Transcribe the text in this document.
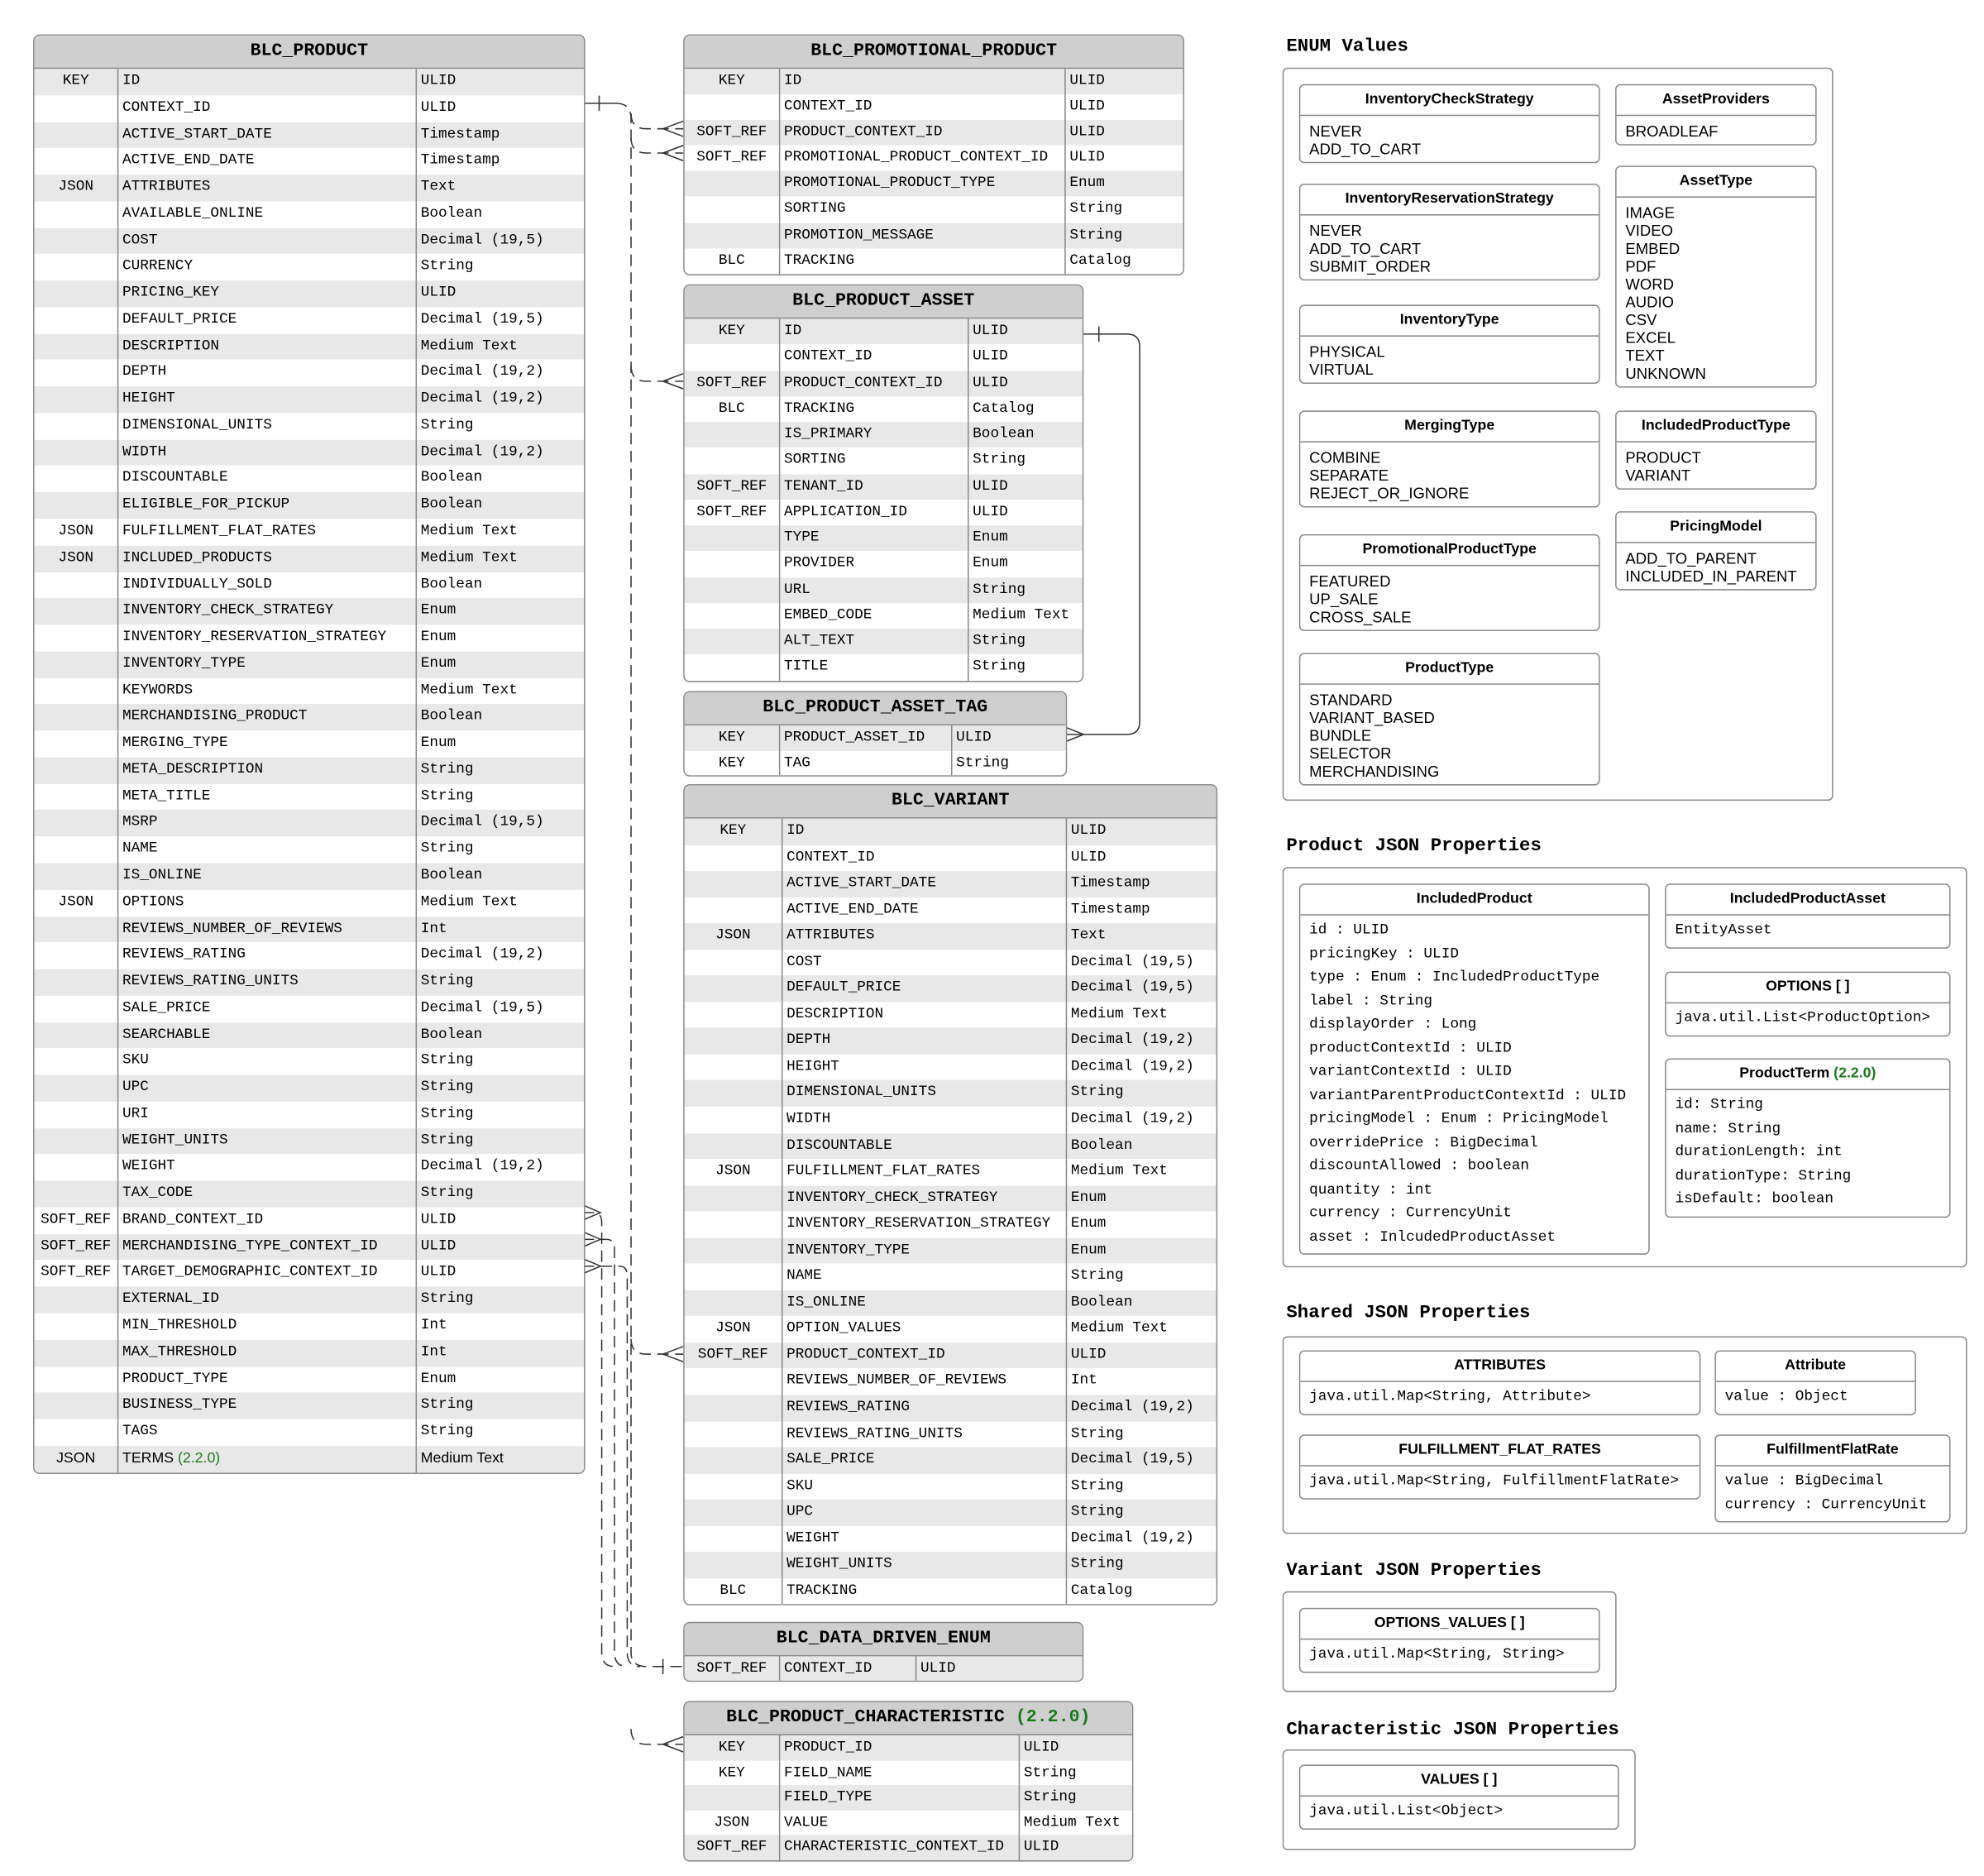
BLC_PRODUCT
KEY	ID	ULID
CONTEXT_ID	ULID
ACTIVE_START_DATE	Timestamp
ACTIVE_END_DATE	Timestamp
JSON	ATTRIBUTES	Text
AVAILABLE_ONLINE	Boolean
COST	Decimal (19,5)
CURRENCY	String
PRICING_KEY	ULID
DEFAULT_PRICE	Decimal (19,5)
DESCRIPTION	Medium Text
DEPTH	Decimal (19,2)
HEIGHT	Decimal (19,2)
DIMENSIONAL_UNITS	String
WIDTH	Decimal (19,2)
DISCOUNTABLE	Boolean
ELIGIBLE_FOR_PICKUP	Boolean
JSON	FULFILLMENT_FLAT_RATES	Medium Text
JSON	INCLUDED_PRODUCTS	Medium Text
INDIVIDUALLY_SOLD	Boolean
INVENTORY_CHECK_STRATEGY	Enum
INVENTORY_RESERVATION_STRATEGY	Enum
INVENTORY_TYPE	Enum
KEYWORDS	Medium Text
MERCHANDISING_PRODUCT	Boolean
MERGING_TYPE	Enum
META_DESCRIPTION	String
META_TITLE	String
MSRP	Decimal (19,5)
NAME	String
IS_ONLINE	Boolean
JSON	OPTIONS	Medium Text
REVIEWS_NUMBER_OF_REVIEWS	Int
REVIEWS_RATING	Decimal (19,2)
REVIEWS_RATING_UNITS	String
SALE_PRICE	Decimal (19,5)
SEARCHABLE	Boolean
SKU	String
UPC	String
URI	String
WEIGHT_UNITS	String
WEIGHT	Decimal (19,2)
TAX_CODE	String
SOFT_REF	BRAND_CONTEXT_ID	ULID
SOFT_REF	MERCHANDISING_TYPE_CONTEXT_ID	ULID
SOFT_REF	TARGET_DEMOGRAPHIC_CONTEXT_ID	ULID
EXTERNAL_ID	String
MIN_THRESHOLD	Int
MAX_THRESHOLD	Int
PRODUCT_TYPE	Enum
BUSINESS_TYPE	String
TAGS	String
JSON	TERMS (2.2.0)	Medium Text
BLC_PROMOTIONAL_PRODUCT
KEY	ID	ULID
CONTEXT_ID	ULID
SOFT_REF	PRODUCT_CONTEXT_ID	ULID
SOFT_REF	PROMOTIONAL_PRODUCT_CONTEXT_ID	ULID
PROMOTIONAL_PRODUCT_TYPE	Enum
SORTING	String
PROMOTION_MESSAGE	String
BLC	TRACKING	Catalog
BLC_PRODUCT_ASSET
KEY	ID	ULID
CONTEXT_ID	ULID
SOFT_REF	PRODUCT_CONTEXT_ID	ULID
BLC	TRACKING	Catalog
IS_PRIMARY	Boolean
SORTING	String
SOFT_REF	TENANT_ID	ULID
SOFT_REF	APPLICATION_ID	ULID
TYPE	Enum
PROVIDER	Enum
URL	String
EMBED_CODE	Medium Text
ALT_TEXT	String
TITLE	String
BLC_PRODUCT_ASSET_TAG
KEY	PRODUCT_ASSET_ID	ULID
KEY	TAG	String
BLC_VARIANT
KEY	ID	ULID
CONTEXT_ID	ULID
ACTIVE_START_DATE	Timestamp
ACTIVE_END_DATE	Timestamp
JSON	ATTRIBUTES	Text
COST	Decimal (19,5)
DEFAULT_PRICE	Decimal (19,5)
DESCRIPTION	Medium Text
DEPTH	Decimal (19,2)
HEIGHT	Decimal (19,2)
DIMENSIONAL_UNITS	String
WIDTH	Decimal (19,2)
DISCOUNTABLE	Boolean
JSON	FULFILLMENT_FLAT_RATES	Medium Text
INVENTORY_CHECK_STRATEGY	Enum
INVENTORY_RESERVATION_STRATEGY	Enum
INVENTORY_TYPE	Enum
NAME	String
IS_ONLINE	Boolean
JSON	OPTION_VALUES	Medium Text
SOFT_REF	PRODUCT_CONTEXT_ID	ULID
REVIEWS_NUMBER_OF_REVIEWS	Int
REVIEWS_RATING	Decimal (19,2)
REVIEWS_RATING_UNITS	String
SALE_PRICE	Decimal (19,5)
SKU	String
UPC	String
WEIGHT	Decimal (19,2)
WEIGHT_UNITS	String
BLC	TRACKING	Catalog
BLC_DATA_DRIVEN_ENUM
SOFT_REF	CONTEXT_ID	ULID
BLC_PRODUCT_CHARACTERISTIC (2.2.0)
KEY	PRODUCT_ID	ULID
KEY	FIELD_NAME	String
FIELD_TYPE	String
JSON	VALUE	Medium Text
SOFT_REF	CHARACTERISTIC_CONTEXT_ID	ULID
ENUM Values
InventoryCheckStrategy
NEVER
ADD_TO_CART
AssetProviders
BROADLEAF
InventoryReservationStrategy
NEVER
ADD_TO_CART
SUBMIT_ORDER
AssetType
IMAGE
VIDEO
EMBED
PDF
WORD
AUDIO
CSV
EXCEL
TEXT
UNKNOWN
InventoryType
PHYSICAL
VIRTUAL
MergingType
COMBINE
SEPARATE
REJECT_OR_IGNORE
IncludedProductType
PRODUCT
VARIANT
PromotionalProductType
FEATURED
UP_SALE
CROSS_SALE
PricingModel
ADD_TO_PARENT
INCLUDED_IN_PARENT
ProductType
STANDARD
VARIANT_BASED
BUNDLE
SELECTOR
MERCHANDISING
Product JSON Properties
IncludedProduct
id : ULID
pricingKey : ULID
type : Enum : IncludedProductType
label : String
displayOrder : Long
productContextId : ULID
variantContextId : ULID
variantParentProductContextId : ULID
pricingModel : Enum : PricingModel
overridePrice : BigDecimal
discountAllowed : boolean
quantity : int
currency : CurrencyUnit
asset : InlcudedProductAsset
IncludedProductAsset
EntityAsset
OPTIONS [ ]
java.util.List<ProductOption>
ProductTerm (2.2.0)
id: String
name: String
durationLength: int
durationType: String
isDefault: boolean
Shared JSON Properties
ATTRIBUTES
java.util.Map<String, Attribute>
Attribute
value : Object
FULFILLMENT_FLAT_RATES
java.util.Map<String, FulfillmentFlatRate>
FulfillmentFlatRate
value : BigDecimal
currency : CurrencyUnit
Variant JSON Properties
OPTIONS_VALUES [ ]
java.util.Map<String, String>
Characteristic JSON Properties
VALUES [ ]
java.util.List<Object>
